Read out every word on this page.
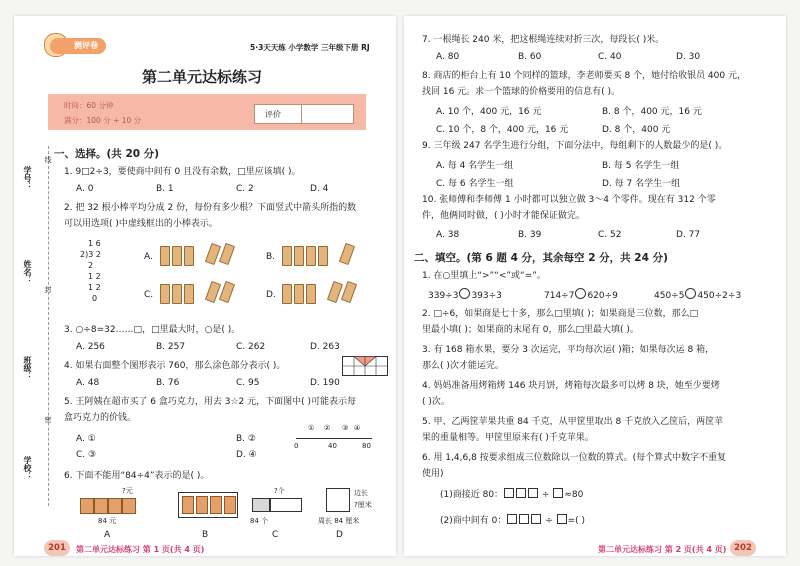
测评卷	5·3天天练 小学数学 三年级下册 RJ
第二单元达标练习
时间：60 分钟
满分：100 分 + 10 分
评价
学号：
姓名：
班级：
学校：
线
封
密
一、选择。(共 20 分)
1. 9□2÷3，要使商中间有 0 且没有余数，□里应该填( )。
A. 0	B. 1	C. 2	D. 4
2. 把 32 根小棒平均分成 2 份，每份有多少根？下面竖式中箭头所指的数
可以用选项( )中虚线框出的小棒表示。
1 6
2)3 2
2
1 2
1 2
0
A.	B.
C.	D.
3. ○÷8=32……□，□里最大时，○是( )。
A. 256	B. 257	C. 262	D. 263
4. 如果右面整个图形表示 760，那么涂色部分表示( )。
A. 48	B. 76	C. 95	D. 190
5. 王阿姨在超市买了 6 盒巧克力，用去 3☆2 元，下面图中( )可能表示每
盒巧克力的价钱。
A. ①	B. ②
C. ③	D. ④
0	40	80
① ② ③ ④
6. 下面不能用“84÷4”表示的是( )。
?元
84 元
A	B
?个
84 个
C
边长
?厘米
周长 84 厘米
D
201	第二单元达标练习 第 1 页(共 4 页)
7. 一根绳长 240 米，把这根绳连续对折三次，每段长( )米。
A. 80	B. 60	C. 40	D. 30
8. 商店的柜台上有 10 个同样的篮球，李老师要买 8 个，她付给收银员 400 元，
找回 16 元。求一个篮球的价格要用的信息有( )。
A. 10 个，400 元，16 元	B. 8 个，400 元，16 元
C. 10 个，8 个，400 元，16 元	D. 8 个，400 元
9. 三年级 247 名学生进行分组，下面分法中，每组剩下的人数最少的是( )。
A. 每 4 名学生一组	B. 每 5 名学生一组
C. 每 6 名学生一组	D. 每 7 名学生一组
10. 张师傅和李师傅 1 小时都可以独立做 3～4 个零件。现在有 312 个零
件，他俩同时做，( )小时才能保证做完。
A. 38	B. 39	C. 52	D. 77
二、填空。(第 6 题 4 分，其余每空 2 分，共 24 分)
1. 在○里填上“>”“<”或“=”。
339÷3 393÷3	714÷7 620÷9	450÷5 450÷2÷3
2. □÷6，如果商是七十多，那么□里填( )；如果商是三位数，那么□
里最小填( )；如果商的末尾有 0，那么□里最大填( )。
3. 有 168 箱水果，要分 3 次运完，平均每次运( )箱；如果每次运 8 箱，
那么( )次才能运完。
4. 妈妈准备用烤箱烤 146 块月饼，烤箱每次最多可以烤 8 块，她至少要烤
( )次。
5. 甲、乙两筐苹果共重 84 千克，从甲筐里取出 8 千克放入乙筐后，两筐苹
果的重量相等。甲筐里原来有( )千克苹果。
6. 用 1,4,6,8 按要求组成三位数除以一位数的算式。(每个算式中数字不重复
使用)
(1)商接近 80：	÷ ≈80
(2)商中间有 0：	÷ =( )
第二单元达标练习 第 2 页(共 4 页) 202
